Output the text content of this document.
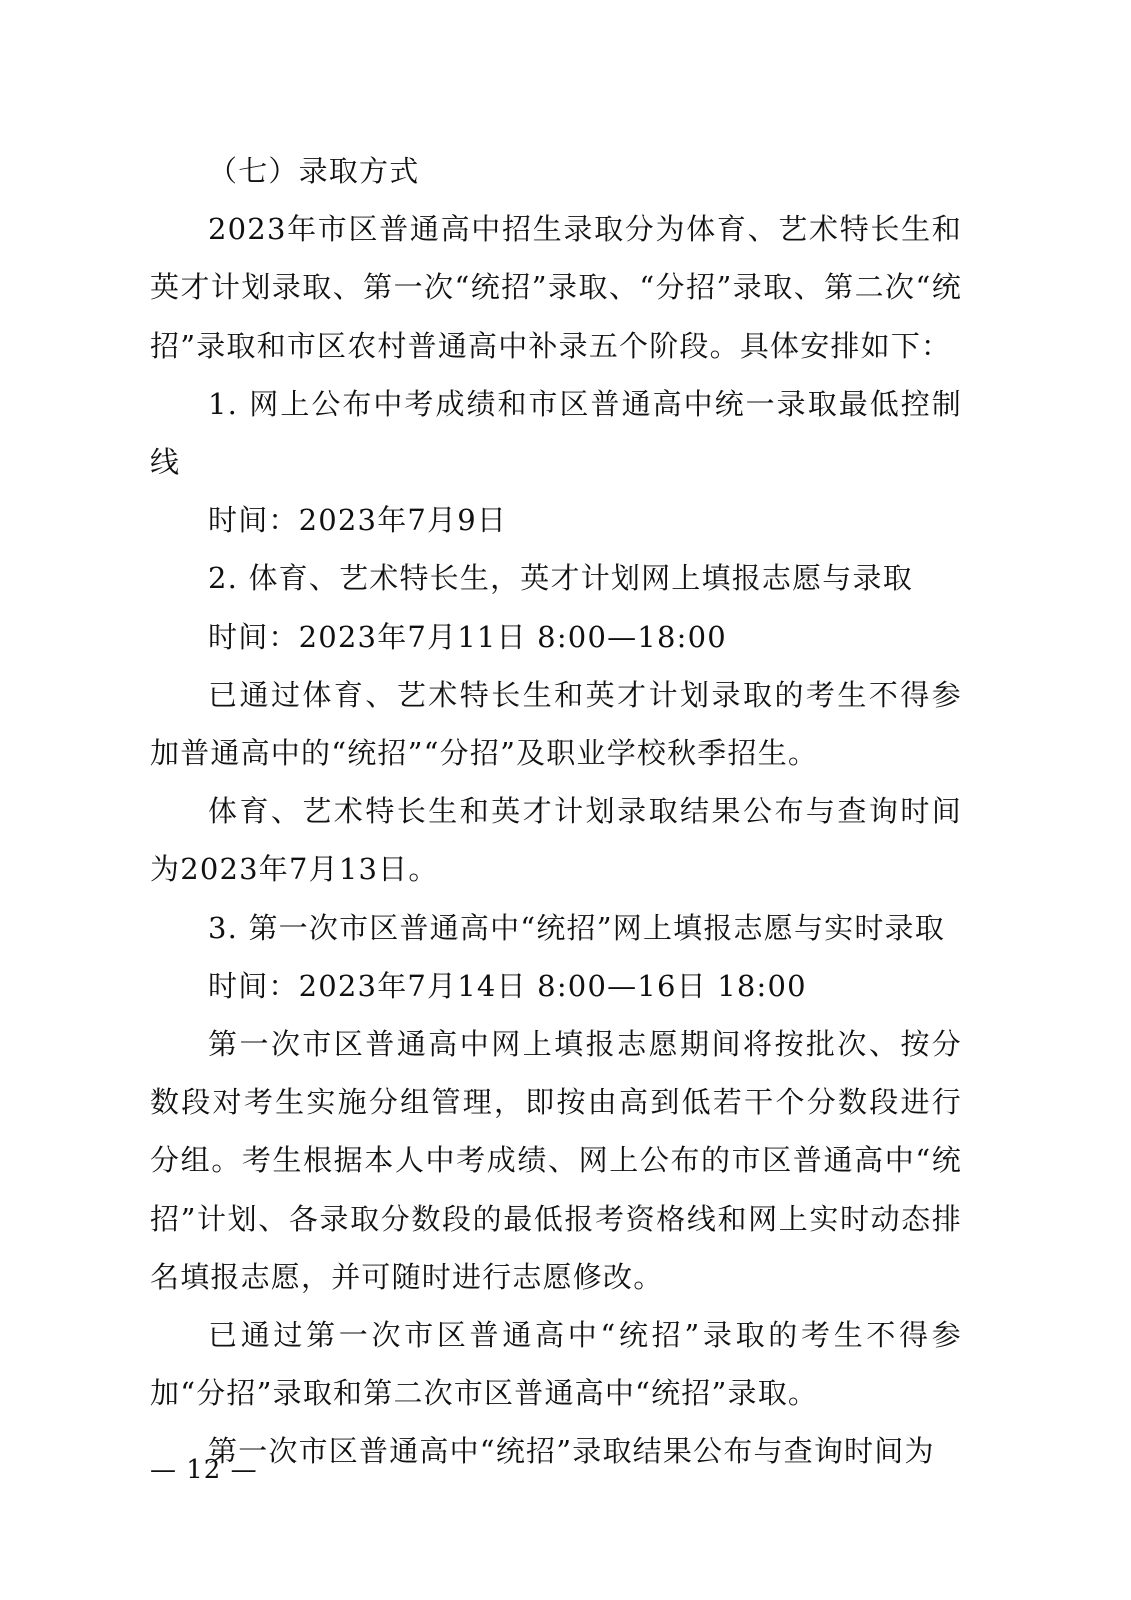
（七）录取方式

2023年市区普通高中招生录取分为体育、艺术特长生和英才计划录取、第一次“统招”录取、“分招”录取、第二次“统招”录取和市区农村普通高中补录五个阶段。具体安排如下：

1. 网上公布中考成绩和市区普通高中统一录取最低控制线

时间：2023年7月9日

2. 体育、艺术特长生，英才计划网上填报志愿与录取

时间：2023年7月11日 8:00—18:00

已通过体育、艺术特长生和英才计划录取的考生不得参加普通高中的“统招”“分招”及职业学校秋季招生。

体育、艺术特长生和英才计划录取结果公布与查询时间为2023年7月13日。

3. 第一次市区普通高中“统招”网上填报志愿与实时录取

时间：2023年7月14日 8:00—16日 18:00

第一次市区普通高中网上填报志愿期间将按批次、按分数段对考生实施分组管理，即按由高到低若干个分数段进行分组。考生根据本人中考成绩、网上公布的市区普通高中“统招”计划、各录取分数段的最低报考资格线和网上实时动态排名填报志愿，并可随时进行志愿修改。

已通过第一次市区普通高中“统招”录取的考生不得参加“分招”录取和第二次市区普通高中“统招”录取。

第一次市区普通高中“统招”录取结果公布与查询时间为

— 12 —
